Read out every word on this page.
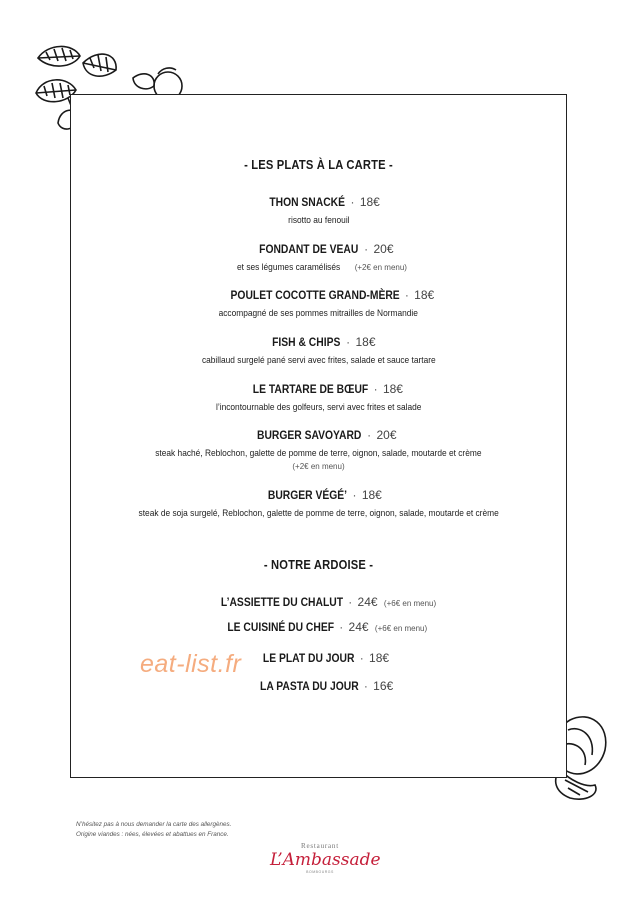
- LES PLATS À LA CARTE -
THON SNACKÉ · 18€
risotto au fenouil
FONDANT DE VEAU · 20€
et ses légumes caramélisés (+2€ en menu)
POULET COCOTTE GRAND-MÈRE · 18€
accompagné de ses pommes mitrailles de Normandie
FISH & CHIPS · 18€
cabillaud surgelé pané servi avec frites, salade et sauce tartare
LE TARTARE DE BŒUF · 18€
l’incontournable des golfeurs, servi avec frites et salade
BURGER SAVOYARD · 20€
steak haché, Reblochon, galette de pomme de terre, oignon, salade, moutarde et crème
(+2€ en menu)
BURGER VÉGÉ’ · 18€
steak de soja surgelé, Reblochon, galette de pomme de terre, oignon, salade, moutarde et crème
- NOTRE ARDOISE -
L’ASSIETTE DU CHALUT · 24€ (+6€ en menu)
LE CUISINÉ DU CHEF · 24€ (+6€ en menu)
LE PLAT DU JOUR · 18€
LA PASTA DU JOUR · 16€
eat-list.fr
N’hésitez pas à nous demander la carte des allergènes.
Origine viandes : nées, élevées et abattues en France.
Restaurant
L’Ambassade
BOMBOURGS
